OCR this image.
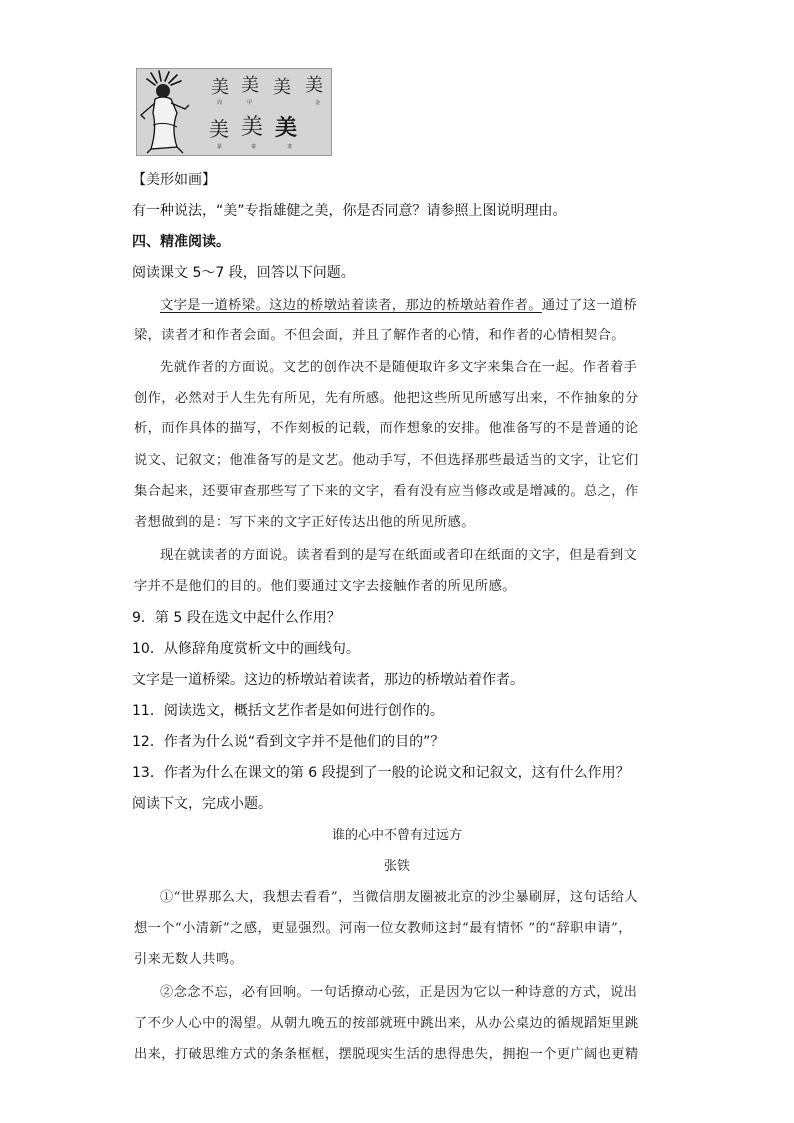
美
周
美
甲
美 美
金
美
篆
美
秦
美
隶
【美形如画】
有一种说法，“美”专指雄健之美，你是否同意？请参照上图说明理由。
四、精准阅读。
阅读课文 5～7 段，回答以下问题。
文字是一道桥梁。这边的桥墩站着读者，那边的桥墩站着作者。通过了这一道桥
梁，读者才和作者会面。不但会面，并且了解作者的心情，和作者的心情相契合。
先就作者的方面说。文艺的创作决不是随便取许多文字来集合在一起。作者着手
创作，必然对于人生先有所见，先有所感。他把这些所见所感写出来，不作抽象的分
析，而作具体的描写，不作刻板的记载，而作想象的安排。他准备写的不是普通的论
说文、记叙文；他准备写的是文艺。他动手写，不但选择那些最适当的文字，让它们
集合起来，还要审查那些写了下来的文字，看有没有应当修改或是增减的。总之，作
者想做到的是：写下来的文字正好传达出他的所见所感。
现在就读者的方面说。读者看到的是写在纸面或者印在纸面的文字，但是看到文
字并不是他们的目的。他们要通过文字去接触作者的所见所感。
9．第 5 段在选文中起什么作用？
10．从修辞角度赏析文中的画线句。
文字是一道桥梁。这边的桥墩站着读者，那边的桥墩站着作者。
11．阅读选文，概括文艺作者是如何进行创作的。
12．作者为什么说“看到文字并不是他们的目的”？
13．作者为什么在课文的第 6 段提到了一般的论说文和记叙文，这有什么作用？
阅读下文，完成小题。
谁的心中不曾有过远方
张铁
①“世界那么大，我想去看看”，当微信朋友圈被北京的沙尘暴刷屏，这句话给人
想一个“小清新”之感，更显强烈。河南一位女教师这封“最有情怀 ”的“辞职申请”，
引来无数人共鸣。
②念念不忘，必有回响。一句话撩动心弦，正是因为它以一种诗意的方式，说出
了不少人心中的渴望。从朝九晚五的按部就班中跳出来，从办公桌边的循规蹈矩里跳
出来，打破思维方式的条条框框，摆脱现实生活的患得患失，拥抱一个更广阔也更精
